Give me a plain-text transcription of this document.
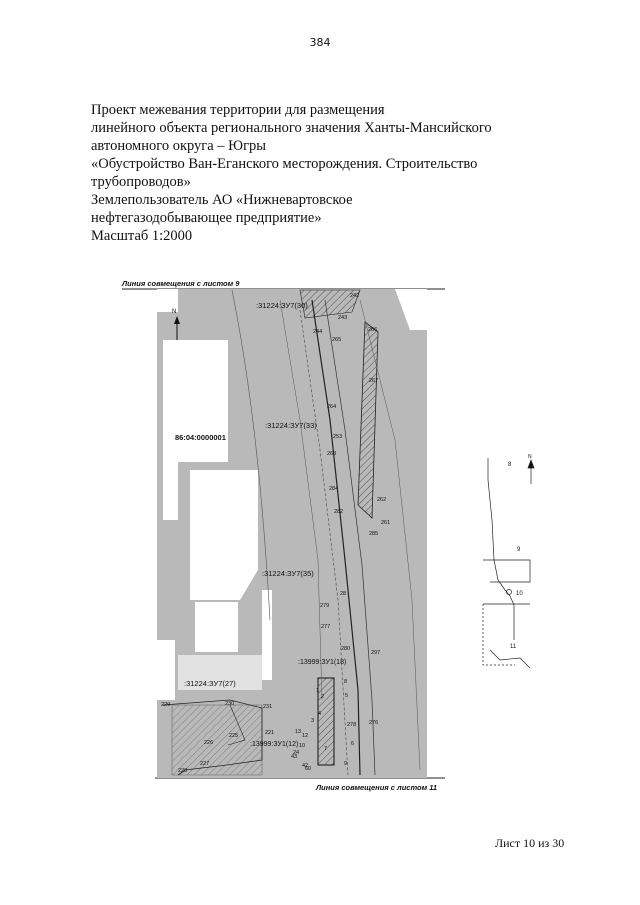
384
Проект межевания территории для размещения
линейного объекта регионального значения Ханты-Мансийского
автономного округа – Югры
«Обустройство Ван-Еганского месторождения. Строительство
трубопроводов»
Землепользователь АО «Нижневартовское
нефтегазодобывающее предприятие»
Масштаб 1:2000
Линия совмещения с листом 9
N
:31224:ЗУ7(30)
:31224:ЗУ7(33)
86:04:0000001
:31224:ЗУ7(35)
:31224:ЗУ7(27)
:13999:ЗУ1(18)
:13999:ЗУ1(12)
242
243
244
265
266
267
264
253
263
284
262
282
261
285
28
279
277
280
297
278 276
230	231
229
221
226
225
227
228
1
2
3
4
5
6
7
8
9
10
12
13
24
42
43
60
8
9
10
11
N
Линия совмещения с листом 11
Лист 10 из 30
